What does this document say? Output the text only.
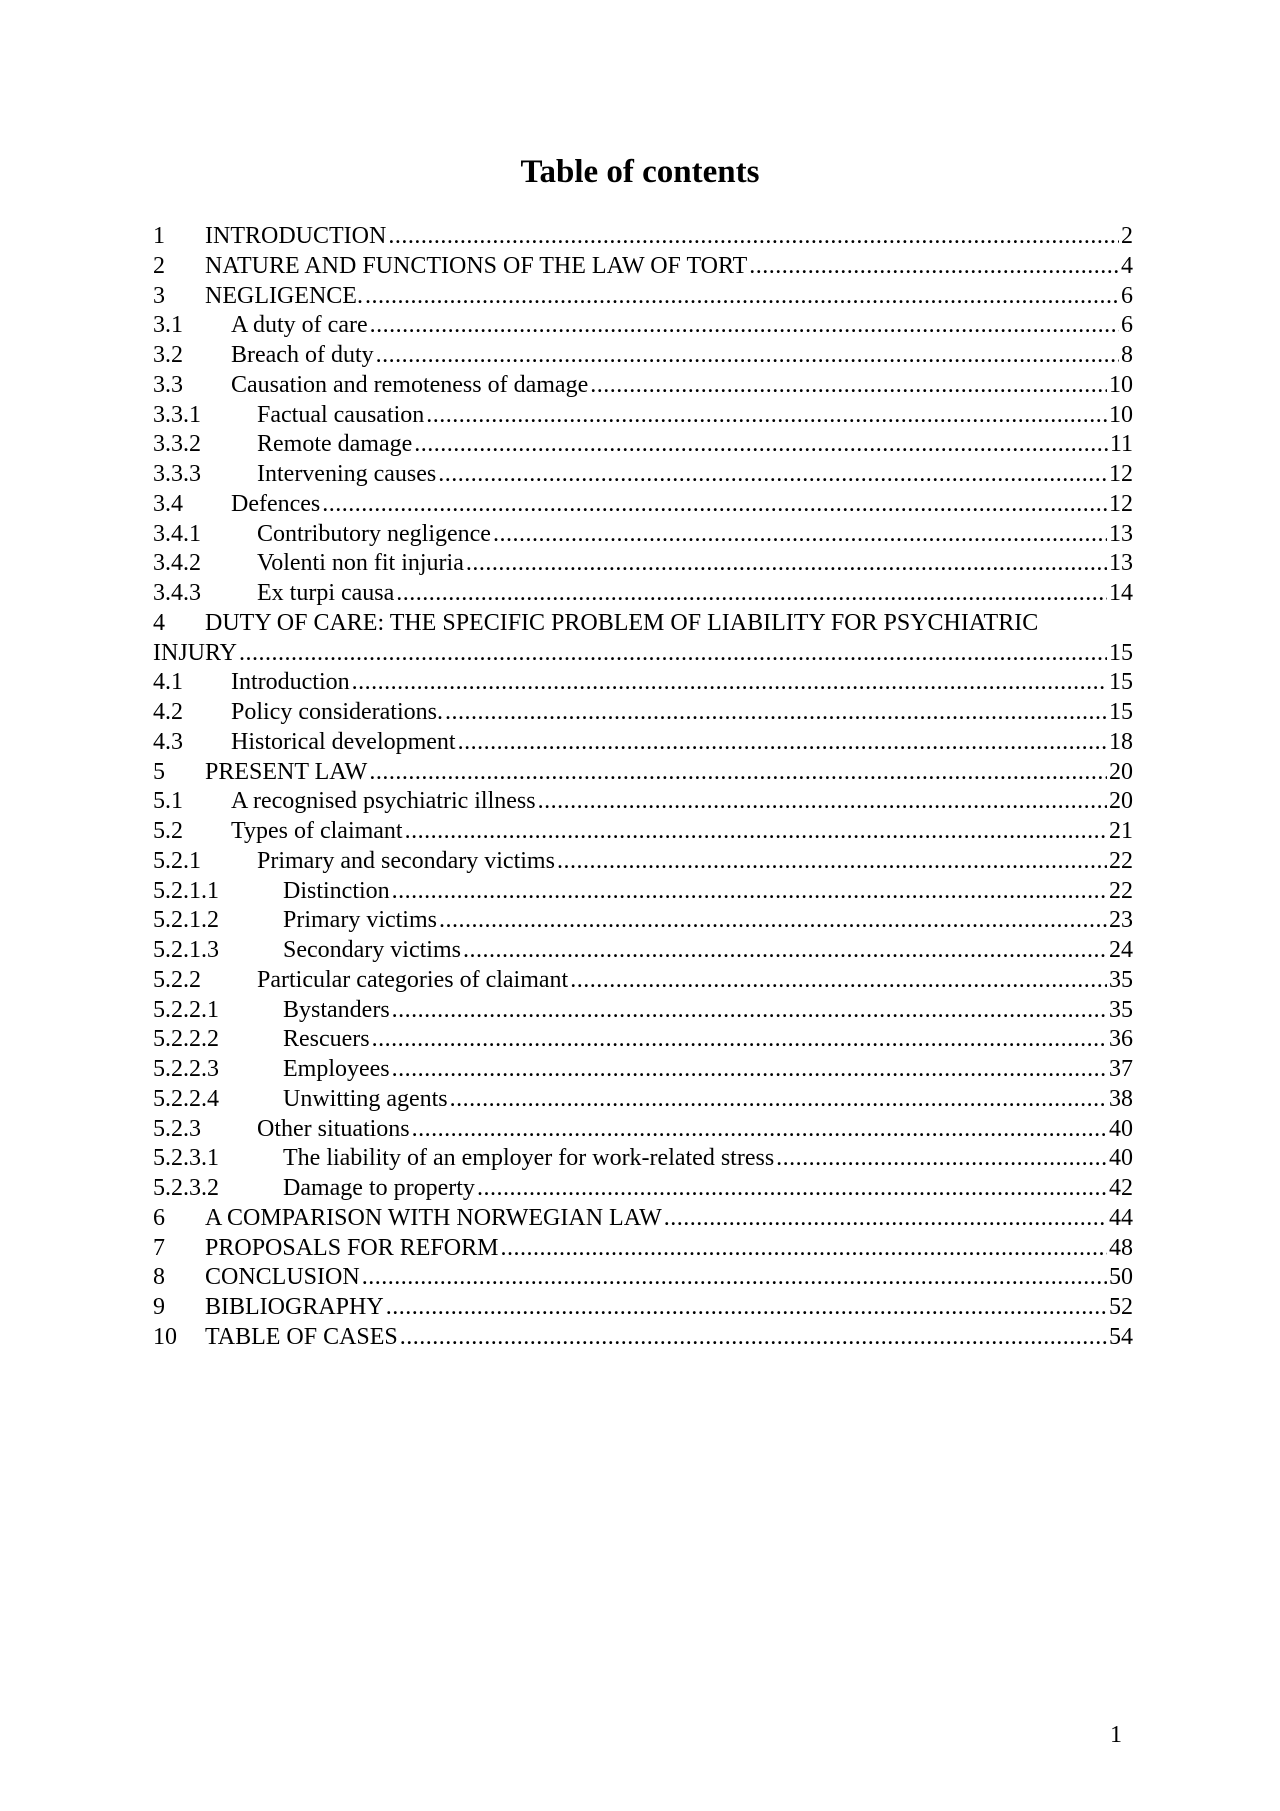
Table of contents
1 INTRODUCTION .....	2
2 NATURE AND FUNCTIONS OF THE LAW OF TORT .....	4
3 NEGLIGENCE. .....	6
3.1 A duty of care .....	6
3.2 Breach of duty .....	8
3.3 Causation and remoteness of damage .....	10
3.3.1 Factual causation .....	10
3.3.2 Remote damage .....	11
3.3.3 Intervening causes .....	12
3.4 Defences .....	12
3.4.1 Contributory negligence .....	13
3.4.2 Volenti non fit injuria .....	13
3.4.3 Ex turpi causa .....	14
4 DUTY OF CARE: THE SPECIFIC PROBLEM OF LIABILITY FOR PSYCHIATRIC
INJURY .....	15
4.1 Introduction .....	15
4.2 Policy considerations. .....	15
4.3 Historical development .....	18
5 PRESENT LAW .....	20
5.1 A recognised psychiatric illness .....	20
5.2 Types of claimant .....	21
5.2.1 Primary and secondary victims .....	22
5.2.1.1	Distinction .....	22
5.2.1.2	Primary victims .....	23
5.2.1.3	Secondary victims .....	24
5.2.2 Particular categories of claimant .....	35
5.2.2.1	Bystanders .....	35
5.2.2.2	Rescuers .....	36
5.2.2.3	Employees .....	37
5.2.2.4	Unwitting agents .....	38
5.2.3 Other situations .....	40
5.2.3.1	The liability of an employer for work-related stress .....	40
5.2.3.2	Damage to property .....	42
6 A COMPARISON WITH NORWEGIAN LAW .....	44
7 PROPOSALS FOR REFORM .....	48
8 CONCLUSION .....	50
9 BIBLIOGRAPHY .....	52
10 TABLE OF CASES .....	54
1
